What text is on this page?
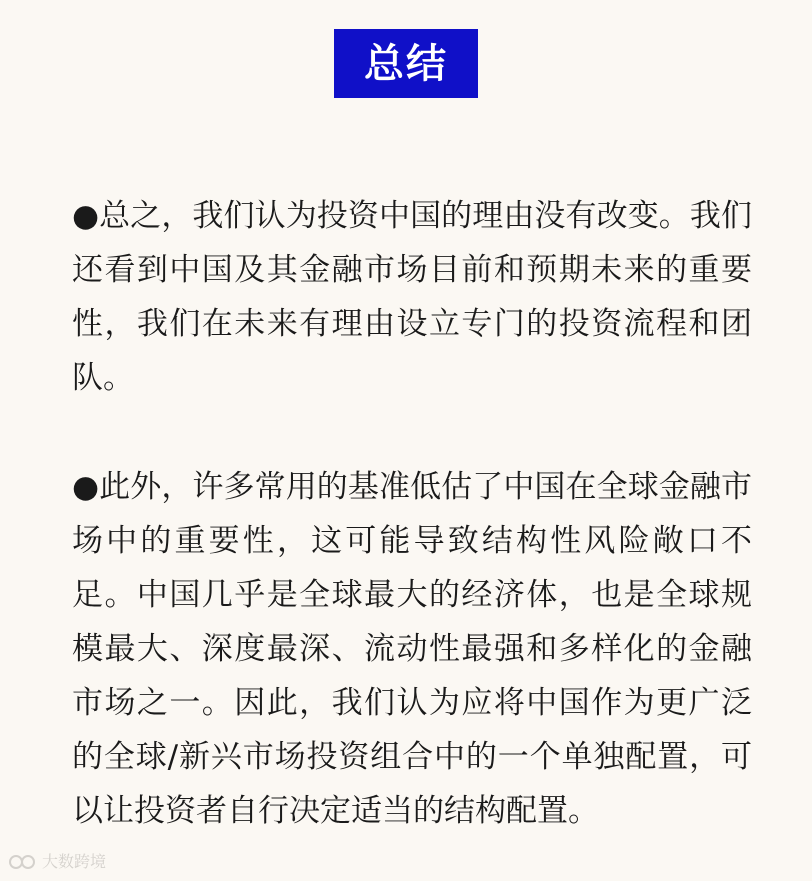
总结

●总之，我们认为投资中国的理由没有改变。我们还看到中国及其金融市场目前和预期未来的重要性，我们在未来有理由设立专门的投资流程和团队。

●此外，许多常用的基准低估了中国在全球金融市场中的重要性，这可能导致结构性风险敞口不足。中国几乎是全球最大的经济体，也是全球规模最大、深度最深、流动性最强和多样化的金融市场之一。因此，我们认为应将中国作为更广泛的全球/新兴市场投资组合中的一个单独配置，可以让投资者自行决定适当的结构配置。

大数跨境
